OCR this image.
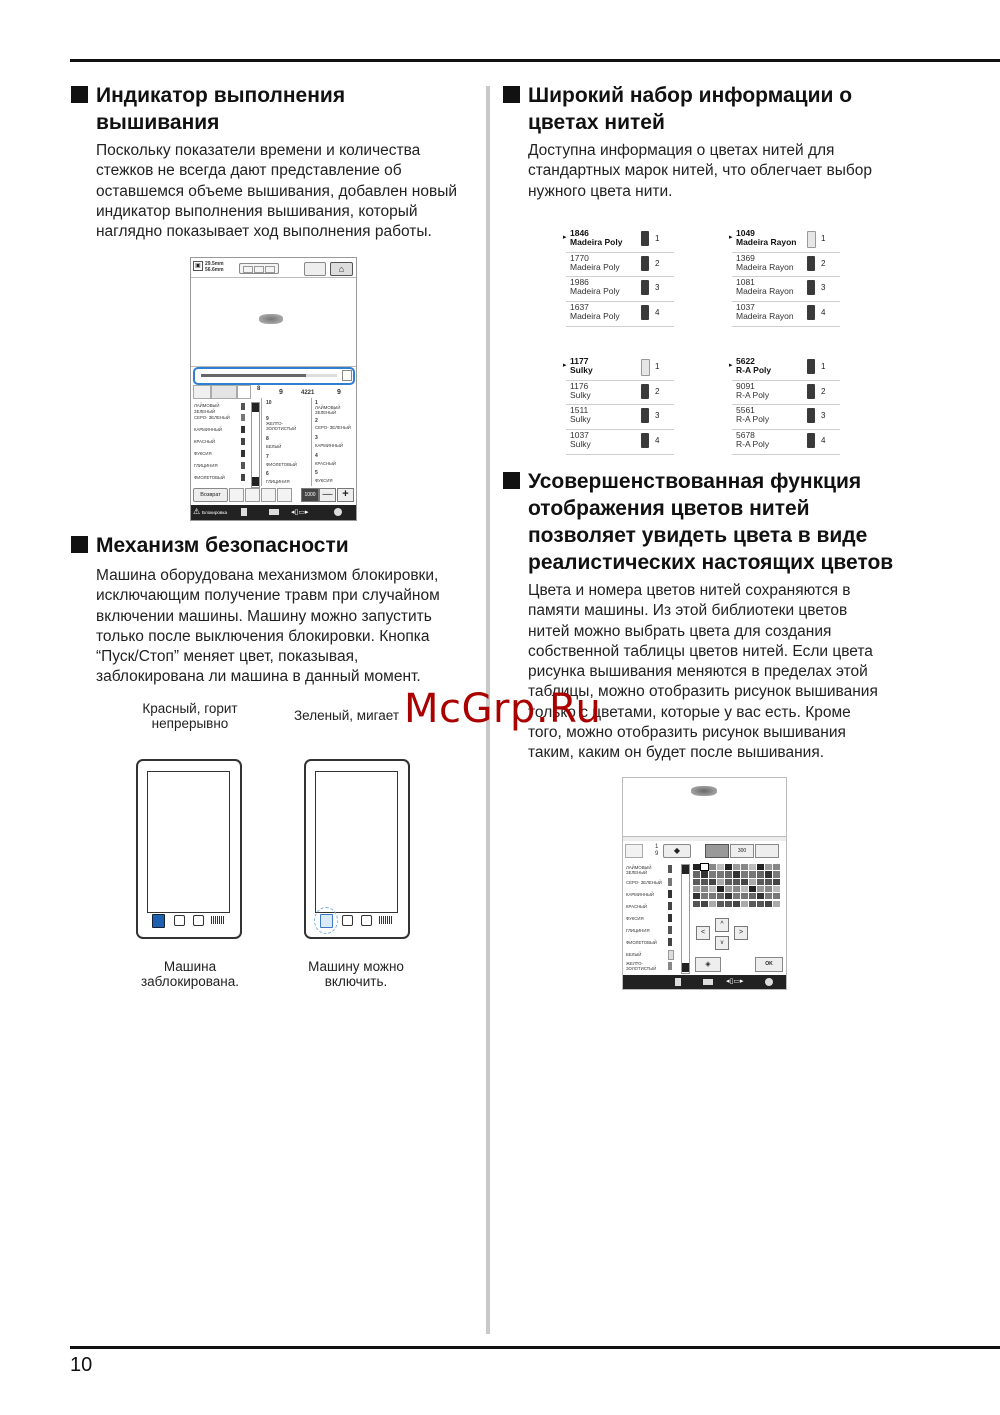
10
Индикатор выполнения
вышивания
Поскольку показатели времени и количества
стежков не всегда дают представление об
оставшемся объеме вышивания, добавлен новый
индикатор выполнения вышивания, который
наглядно показывает ход выполнения работы.
▣ 29.5mm
56.6mm	⌂
8	9	4221	9
ЛАЙМОВЫЙ ЗЕЛЕНЫЙ
СЕРО- ЗЕЛЕНЫЙ
КАРМИННЫЙ
КРАСНЫЙ
ФУКСИЯ
ГЛИЦИНИЯ
ФИОЛЕТОВЫЙ
10
9
ЖЕЛТО-ЗОЛОТИСТЫЙ
8
БЕЛЫЙ
7
ФИОЛЕТОВЫЙ
6
ГЛИЦИНИЯ
1
ЛАЙМОВЫЙ ЗЕЛЕНЫЙ
2
СЕРО- ЗЕЛЕНЫЙ
3
КАРМИННЫЙ
4
КРАСНЫЙ
5
ФУКСИЯ
Возврат	1000 — +
⚠ Блокировка	◂▯▭▸
Механизм безопасности
Машина оборудована механизмом блокировки,
исключающим получение травм при случайном
включении машины. Машину можно запустить
только после выключения блокировки. Кнопка
“Пуск/Стоп” меняет цвет, показывая,
заблокирована ли машина в данный момент.
Красный, горит
непрерывно
Зеленый, мигает
Машина
заблокирована.
Машину можно
включить.
Широкий набор информации о
цветах нитей
Доступна информация о цветах нитей для
стандартных марок нитей, что облегчает выбор
нужного цвета нити.
▸ 1846
Madeira Poly	1
1770
Madeira Poly	2
1986
Madeira Poly	3
1637
Madeira Poly	4
▸ 1049
Madeira Rayon	1
1369
Madeira Rayon	2
1081
Madeira Rayon	3
1037
Madeira Rayon	4
▸ 1177
Sulky	1
1176
Sulky	2
1511
Sulky	3
1037
Sulky	4
▸ 5622
R-A Poly	1
9091
R-A Poly	2
5561
R-A Poly	3
5678
R-A Poly	4
Усовершенствованная функция
отображения цветов нитей
позволяет увидеть цвета в виде
реалистических настоящих цветов
Цвета и номера цветов нитей сохраняются в
памяти машины. Из этой библиотеки цветов
нитей можно выбрать цвета для создания
собственной таблицы цветов нитей. Если цвета
рисунка вышивания меняются в пределах этой
таблицы, можно отобразить рисунок вышивания
только с цветами, которые у вас есть. Кроме
того, можно отобразить рисунок вышивания
таким, каким он будет после вышивания.
McGrp.Ru
1
9	◆	300
ЛАЙМОВЫЙ ЗЕЛЕНЫЙ
СЕРО- ЗЕЛЕНЫЙ
КАРМИННЫЙ
КРАСНЫЙ
ФУКСИЯ
ГЛИЦИНИЯ
ФИОЛЕТОВЫЙ
БЕЛЫЙ
ЖЕЛТО-ЗОЛОТИСТЫЙ
^
<	>
v
◈	OK
◂▯▭▸
